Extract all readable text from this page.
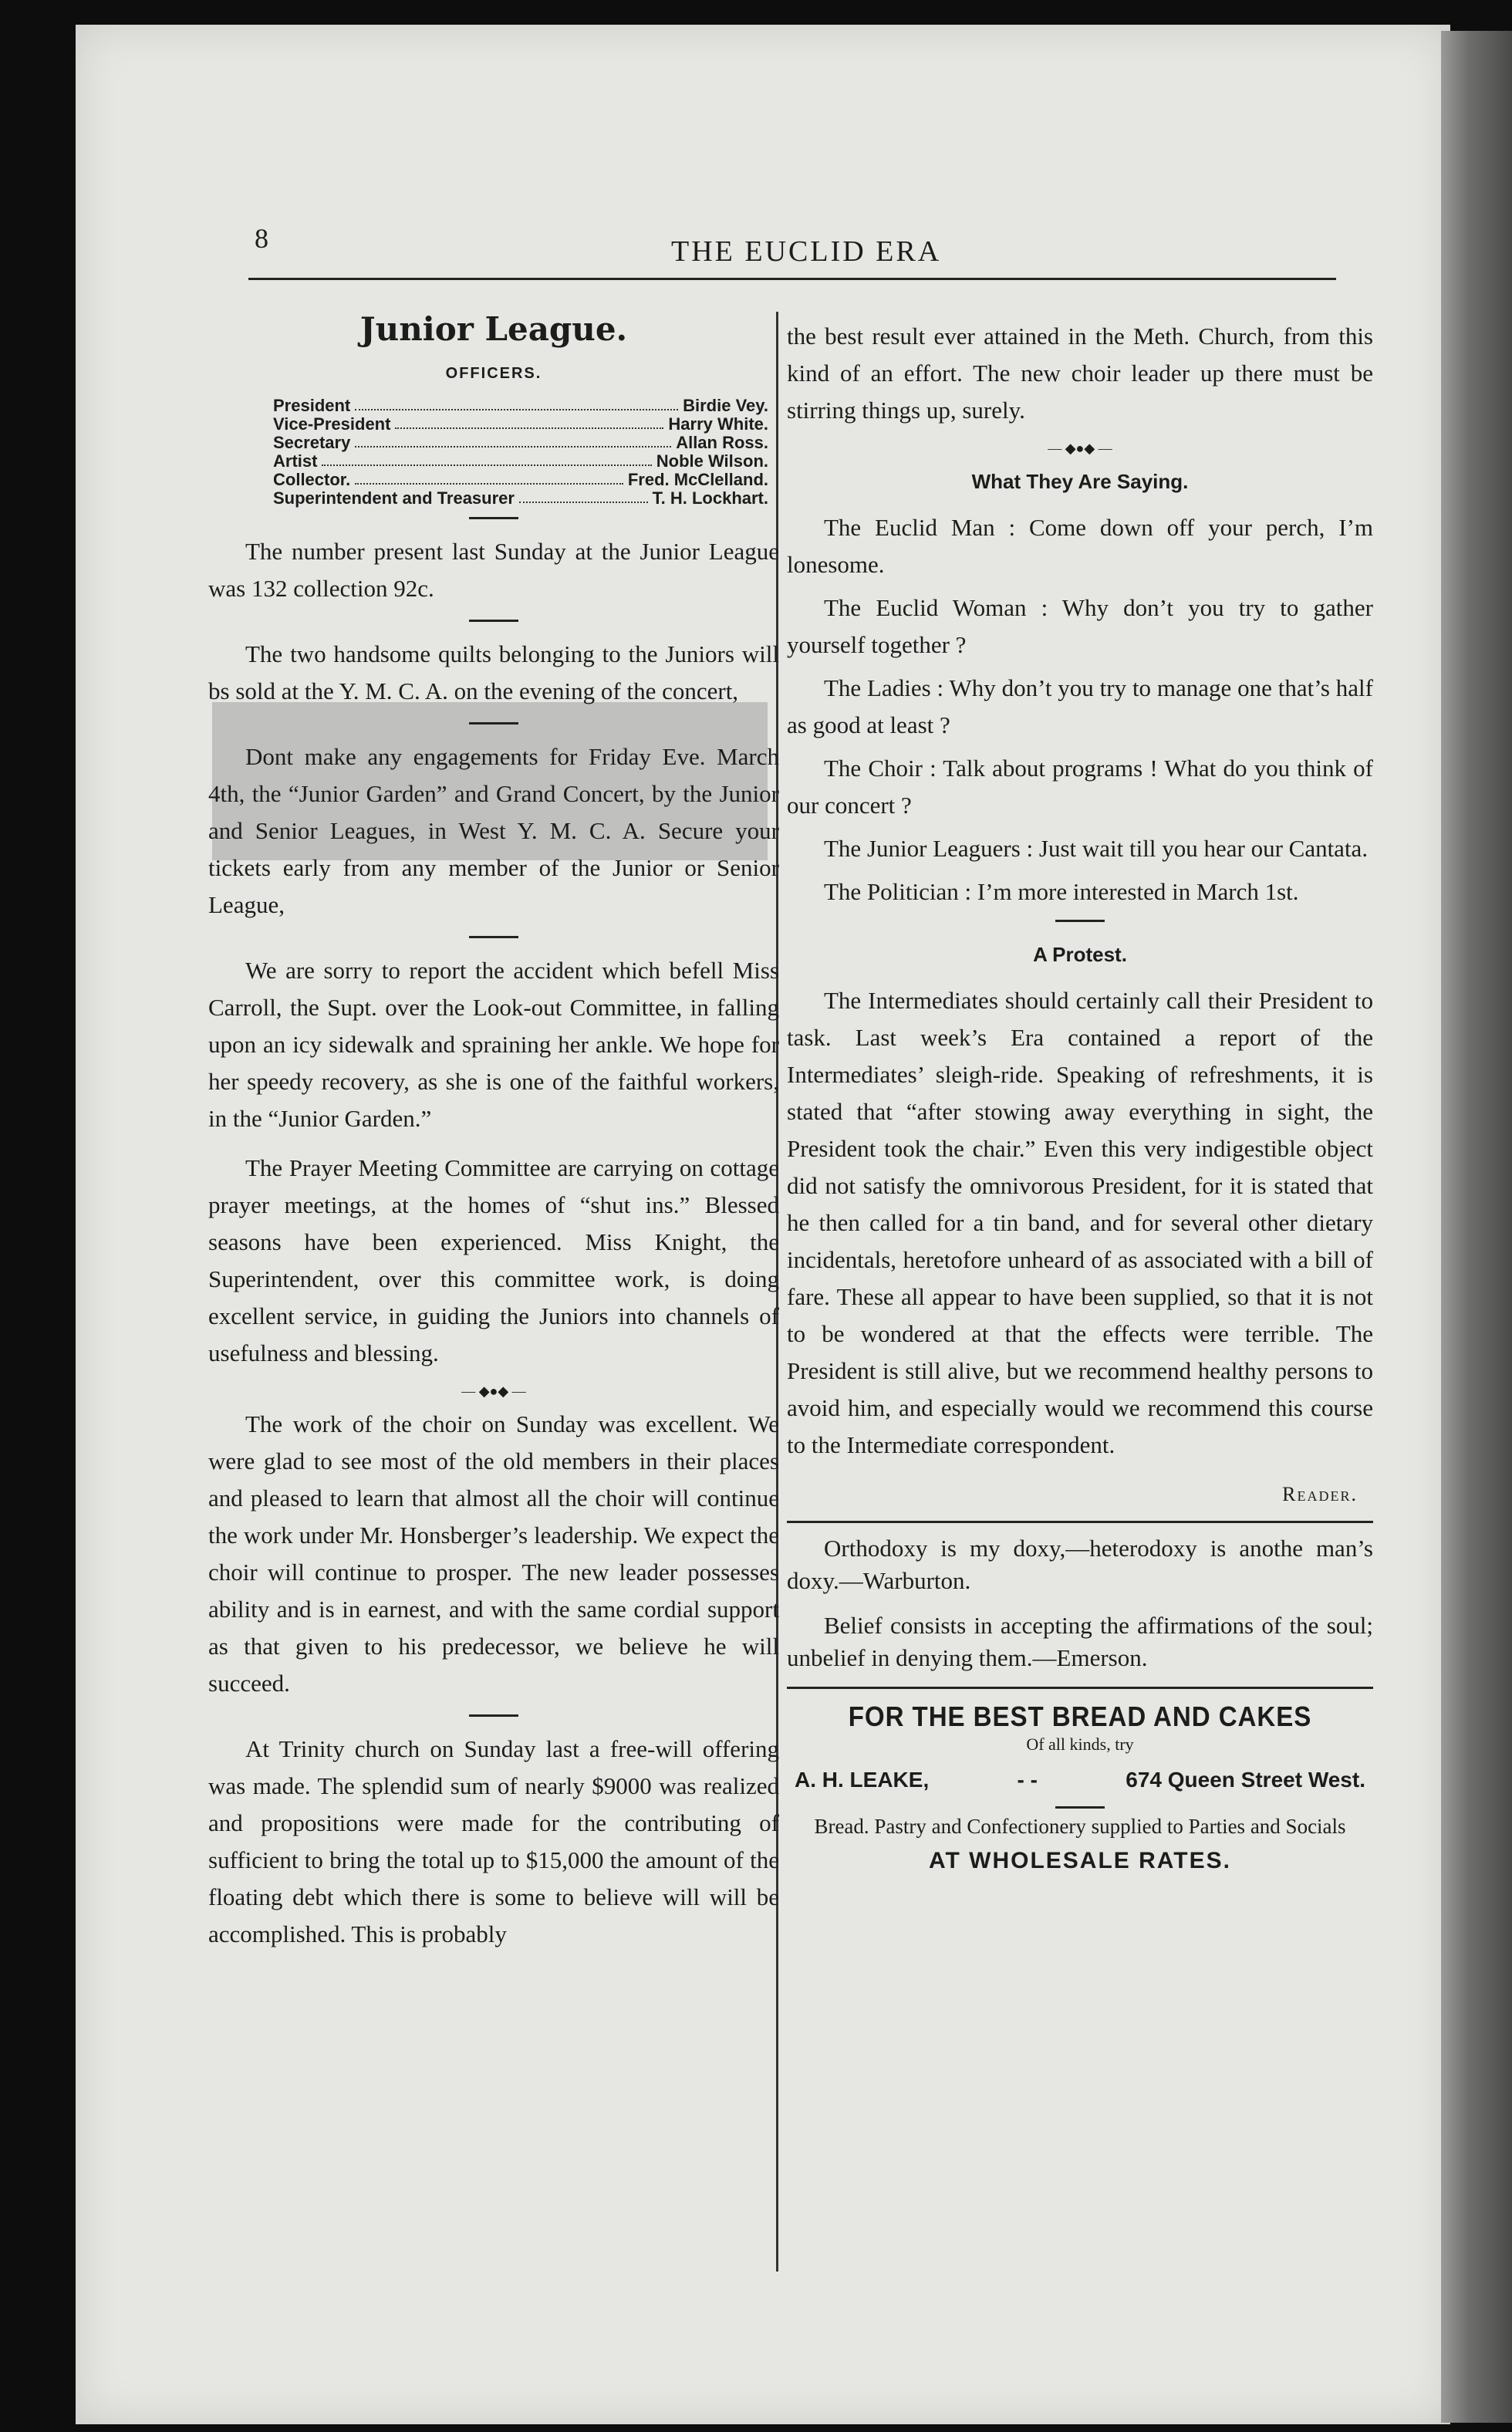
8	THE EUCLID ERA
Junior League.
OFFICERS.
President	Birdie Vey.
Vice-President	Harry White.
Secretary	Allan Ross.
Artist	Noble Wilson.
Collector.	Fred. McClelland.
Superintendent and Treasurer	T. H. Lockhart.

The number present last Sunday at the Junior League was 132 collection 92c.

The two handsome quilts belonging to the Juniors will bs sold at the Y. M. C. A. on the evening of the concert,

Dont make any engagements for Friday Eve. March 4th, the “Junior Garden” and Grand Concert, by the Junior and Senior Leagues, in West Y. M. C. A. Secure your tickets early from any member of the Junior or Senior League,

We are sorry to report the accident which befell Miss Carroll, the Supt. over the Look-out Committee, in falling upon an icy sidewalk and spraining her ankle. We hope for her speedy recovery, as she is one of the faithful workers, in the “Junior Garden.”

The Prayer Meeting Committee are carrying on cottage prayer meetings, at the homes of “shut ins.” Blessed seasons have been experienced. Miss Knight, the Superintendent, over this committee work, is doing excellent service, in guiding the Juniors into channels of usefulness and blessing.

— ◆●◆ —

The work of the choir on Sunday was excellent. We were glad to see most of the old members in their places and pleased to learn that almost all the choir will continue the work under Mr. Honsberger’s leadership. We expect the choir will continue to prosper. The new leader possesses ability and is in earnest, and with the same cordial support as that given to his predecessor, we believe he will succeed.

At Trinity church on Sunday last a free-will offering was made. The splendid sum of nearly $9000 was realized and propositions were made for the contributing of sufficient to bring the total up to $15,000 the amount of the floating debt which there is some to believe will will be accomplished. This is probably

the best result ever attained in the Meth. Church, from this kind of an effort. The new choir leader up there must be stirring things up, surely.

— ◆●◆ —
What They Are Saying.

The Euclid Man : Come down off your perch, I’m lonesome.

The Euclid Woman : Why don’t you try to gather yourself together ?

The Ladies : Why don’t you try to manage one that’s half as good at least ?

The Choir : Talk about programs ! What do you think of our concert ?

The Junior Leaguers : Just wait till you hear our Cantata.

The Politician : I’m more interested in March 1st.

A Protest.

The Intermediates should certainly call their President to task. Last week’s Era contained a report of the Intermediates’ sleigh-ride. Speaking of refreshments, it is stated that “after stowing away everything in sight, the President took the chair.” Even this very indigestible object did not satisfy the omnivorous President, for it is stated that he then called for a tin band, and for several other dietary incidentals, heretofore unheard of as associated with a bill of fare. These all appear to have been supplied, so that it is not to be wondered at that the effects were terrible. The President is still alive, but we recommend healthy persons to avoid him, and especially would we recommend this course to the Intermediate correspondent.

Reader.

Orthodoxy is my doxy,—heterodoxy is anothe man’s doxy.—Warburton.

Belief consists in accepting the affirmations of the soul; unbelief in denying them.—Emerson.

FOR THE BEST BREAD AND CAKES
Of all kinds, try
A. H. LEAKE,	- -	674 Queen Street West.
Bread. Pastry and Confectionery supplied to Parties and Socials
AT WHOLESALE RATES.
